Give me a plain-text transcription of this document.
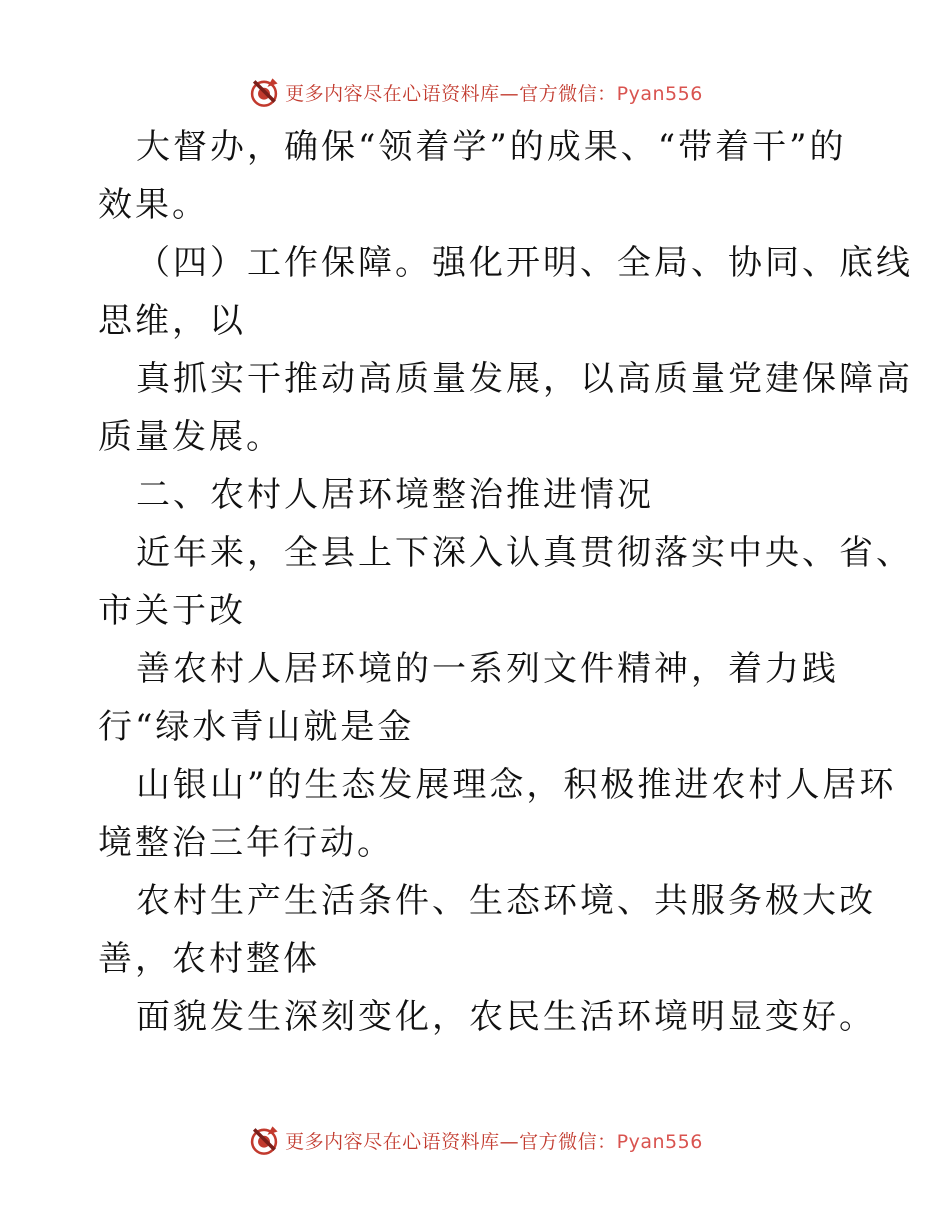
更多内容尽在心语资料库—官方微信：Pyan556
大督办，确保“领着学”的成果、“带着干”的
效果。
（四）工作保障。强化开明、全局、协同、底线
思维，以
真抓实干推动高质量发展，以高质量党建保障高
质量发展。
二、农村人居环境整治推进情况
近年来，全县上下深入认真贯彻落实中央、省、
市关于改
善农村人居环境的一系列文件精神，着力践
行“绿水青山就是金
山银山”的生态发展理念，积极推进农村人居环
境整治三年行动。
农村生产生活条件、生态环境、共服务极大改
善，农村整体
面貌发生深刻变化，农民生活环境明显变好。
更多内容尽在心语资料库—官方微信：Pyan556
